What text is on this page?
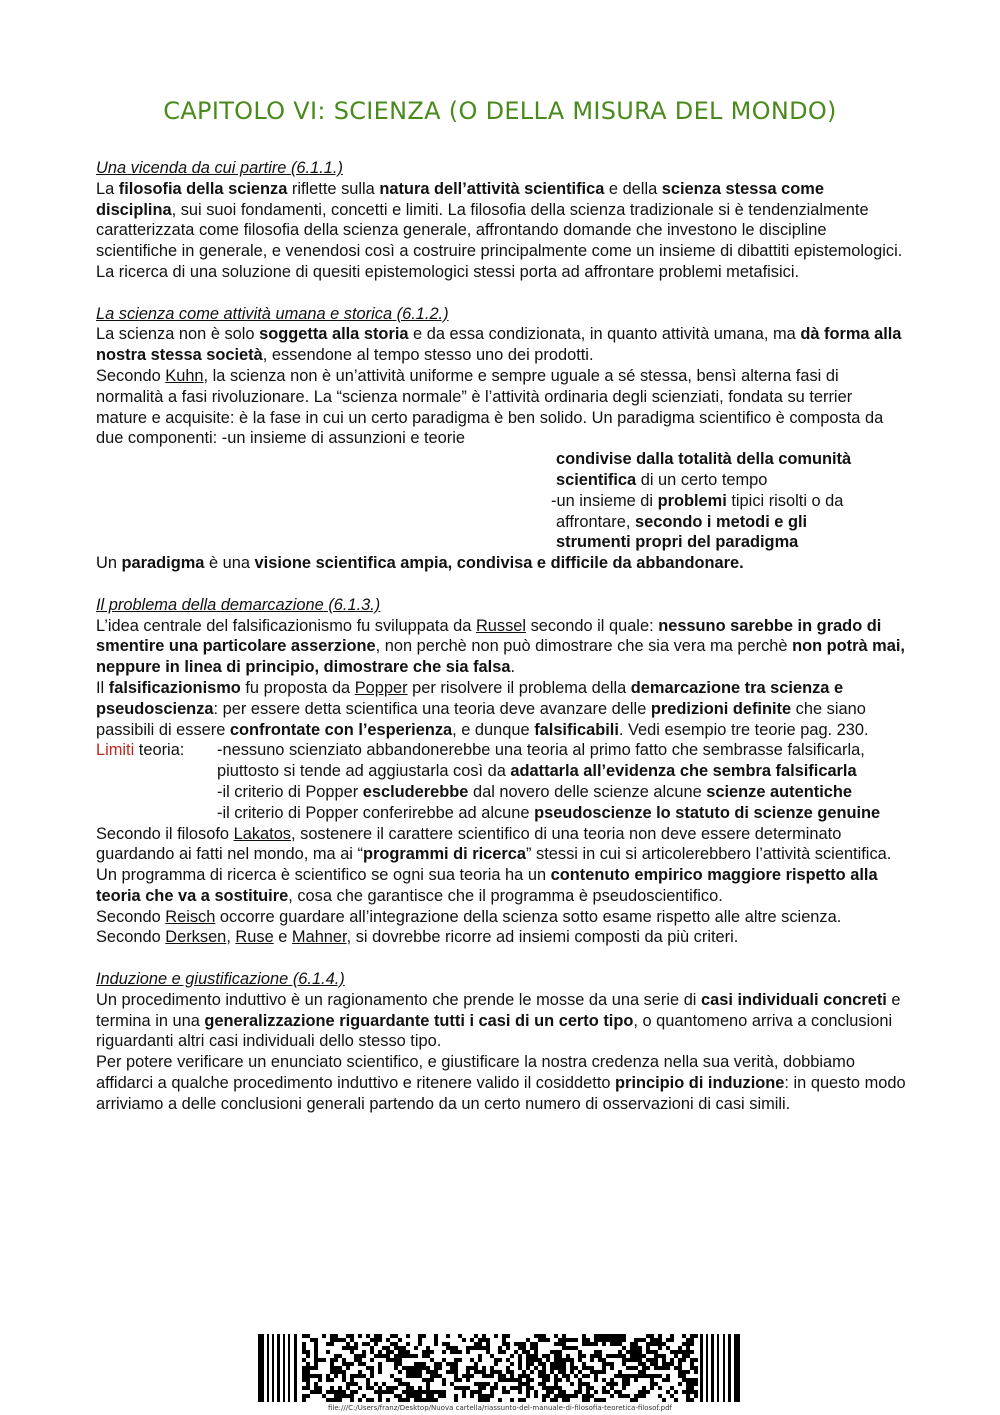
CAPITOLO VI: SCIENZA (O DELLA MISURA DEL MONDO)

Una vicenda da cui partire (6.1.1.)

La filosofia della scienza riflette sulla natura dell’attività scientifica e della scienza stessa come disciplina, sui suoi fondamenti, concetti e limiti. La filosofia della scienza tradizionale si è tendenzialmente caratterizzata come filosofia della scienza generale, affrontando domande che investono le discipline scientifiche in generale, e venendosi così a costruire principalmente come un insieme di dibattiti epistemologici. La ricerca di una soluzione di quesiti epistemologici stessi porta ad affrontare problemi metafisici.

La scienza come attività umana e storica (6.1.2.)

La scienza non è solo soggetta alla storia e da essa condizionata, in quanto attività umana, ma dà forma alla nostra stessa società, essendone al tempo stesso uno dei prodotti.

Secondo Kuhn, la scienza non è un’attività uniforme e sempre uguale a sé stessa, bensì alterna fasi di normalità a fasi rivoluzionare. La “scienza normale” è l’attività ordinaria degli scienziati, fondata su terrier mature e acquisite: è la fase in cui un certo paradigma è ben solido. Un paradigma scientifico è composta da due componenti: -un insieme di assunzioni e teorie

condivise dalla totalità della comunità

scientifica di un certo tempo

-un insieme di problemi tipici risolti o da

affrontare, secondo i metodi e gli

strumenti propri del paradigma

Un paradigma è una visione scientifica ampia, condivisa e difficile da abbandonare.

Il problema della demarcazione (6.1.3.)

L’idea centrale del falsificazionismo fu sviluppata da Russel secondo il quale: nessuno sarebbe in grado di smentire una particolare asserzione, non perchè non può dimostrare che sia vera ma perchè non potrà mai, neppure in linea di principio, dimostrare che sia falsa.

Il falsificazionismo fu proposta da Popper per risolvere il problema della demarcazione tra scienza e pseudoscienza: per essere detta scientifica una teoria deve avanzare delle predizioni definite che siano passibili di essere confrontate con l’esperienza, e dunque falsificabili. Vedi esempio tre teorie pag. 230.

Limiti teoria:	-nessuno scienziato abbandonerebbe una teoria al primo fatto che sembrasse falsificarla, piuttosto si tende ad aggiustarla così da adattarla all’evidenza che sembra falsificarla

-il criterio di Popper escluderebbe dal novero delle scienze alcune scienze autentiche

-il criterio di Popper conferirebbe ad alcune pseudoscienze lo statuto di scienze genuine

Secondo il filosofo Lakatos, sostenere il carattere scientifico di una teoria non deve essere determinato guardando ai fatti nel mondo, ma ai “programmi di ricerca” stessi in cui si articolerebbero l’attività scientifica. Un programma di ricerca è scientifico se ogni sua teoria ha un contenuto empirico maggiore rispetto alla teoria che va a sostituire, cosa che garantisce che il programma è pseudoscientifico.

Secondo Reisch occorre guardare all’integrazione della scienza sotto esame rispetto alle altre scienza.

Secondo Derksen, Ruse e Mahner, si dovrebbe ricorre ad insiemi composti da più criteri.

Induzione e giustificazione (6.1.4.)

Un procedimento induttivo è un ragionamento che prende le mosse da una serie di casi individuali concreti e termina in una generalizzazione riguardante tutti i casi di un certo tipo, o quantomeno arriva a conclusioni riguardanti altri casi individuali dello stesso tipo.

Per potere verificare un enunciato scientifico, e giustificare la nostra credenza nella sua verità, dobbiamo affidarci a qualche procedimento induttivo e ritenere valido il cosiddetto principio di induzione: in questo modo arriviamo a delle conclusioni generali partendo da un certo numero di osservazioni di casi simili.

file:///C:/Users/franz/Desktop/Nuova cartella/riassunto-del-manuale-di-filosofia-teoretica-filosof.pdf
